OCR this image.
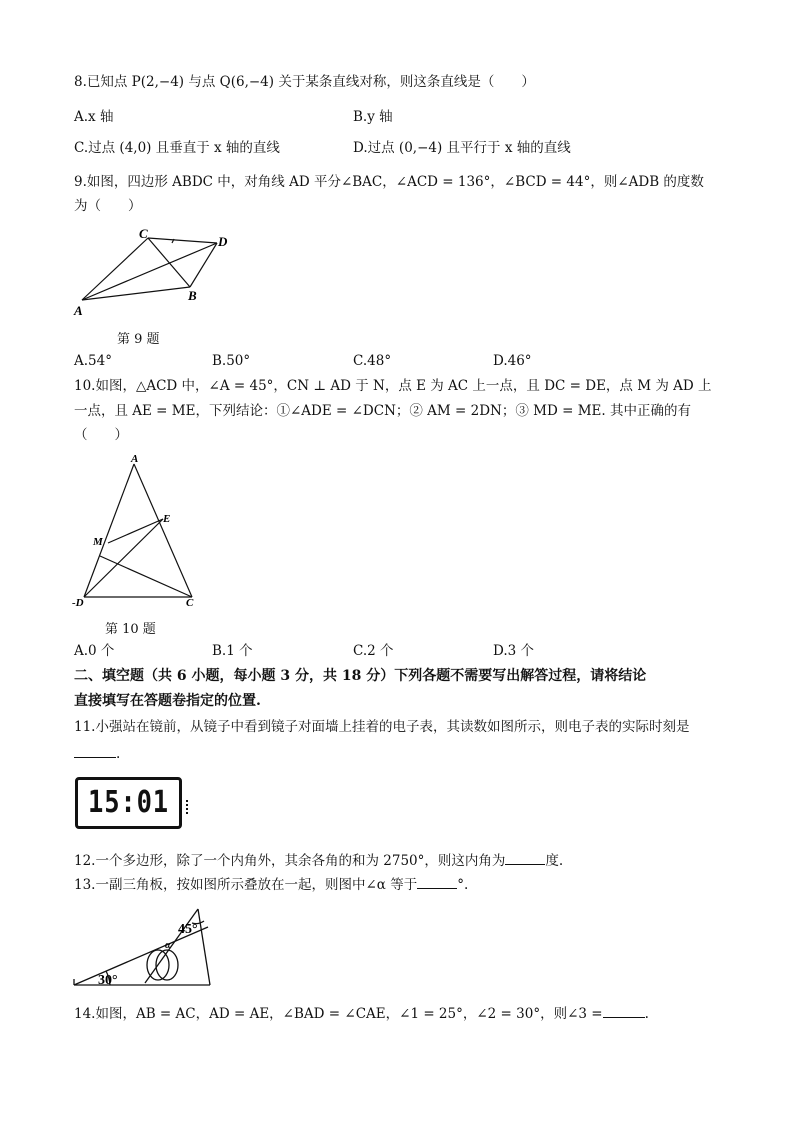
8.已知点 P(2,−4) 与点 Q(6,−4) 关于某条直线对称，则这条直线是（　　）
A.x 轴	B.y 轴
C.过点 (4,0) 且垂直于 x 轴的直线	D.过点 (0,−4) 且平行于 x 轴的直线
9.如图，四边形 ABDC 中，对角线 AD 平分∠BAC，∠ACD = 136°，∠BCD = 44°，则∠ADB 的度数
为（　　）
C
D
B
A
第 9 题
A.54°	B.50°	C.48°	D.46°
10.如图，△ACD 中，∠A = 45°，CN ⊥ AD 于 N，点 E 为 AC 上一点，且 DC = DE，点 M 为 AD 上
一点，且 AE = ME，下列结论：①∠ADE = ∠DCN；② AM = 2DN；③ MD = ME. 其中正确的有
（　　）
A
E
M
-D	C
第 10 题
A.0 个	B.1 个	C.2 个	D.3 个
二、填空题（共 6 小题，每小题 3 分，共 18 分）下列各题不需要写出解答过程，请将结论
直接填写在答题卷指定的位置.
11.小强站在镜前，从镜子中看到镜子对面墙上挂着的电子表，其读数如图所示，则电子表的实际时刻是
.
15:01
12.一个多边形，除了一个内角外，其余各角的和为 2750°，则这内角为	度.
13.一副三角板，按如图所示叠放在一起，则图中∠α 等于	°.
45°
α
30°
14.如图，AB = AC，AD = AE，∠BAD = ∠CAE，∠1 = 25°，∠2 = 30°，则∠3 =	.
